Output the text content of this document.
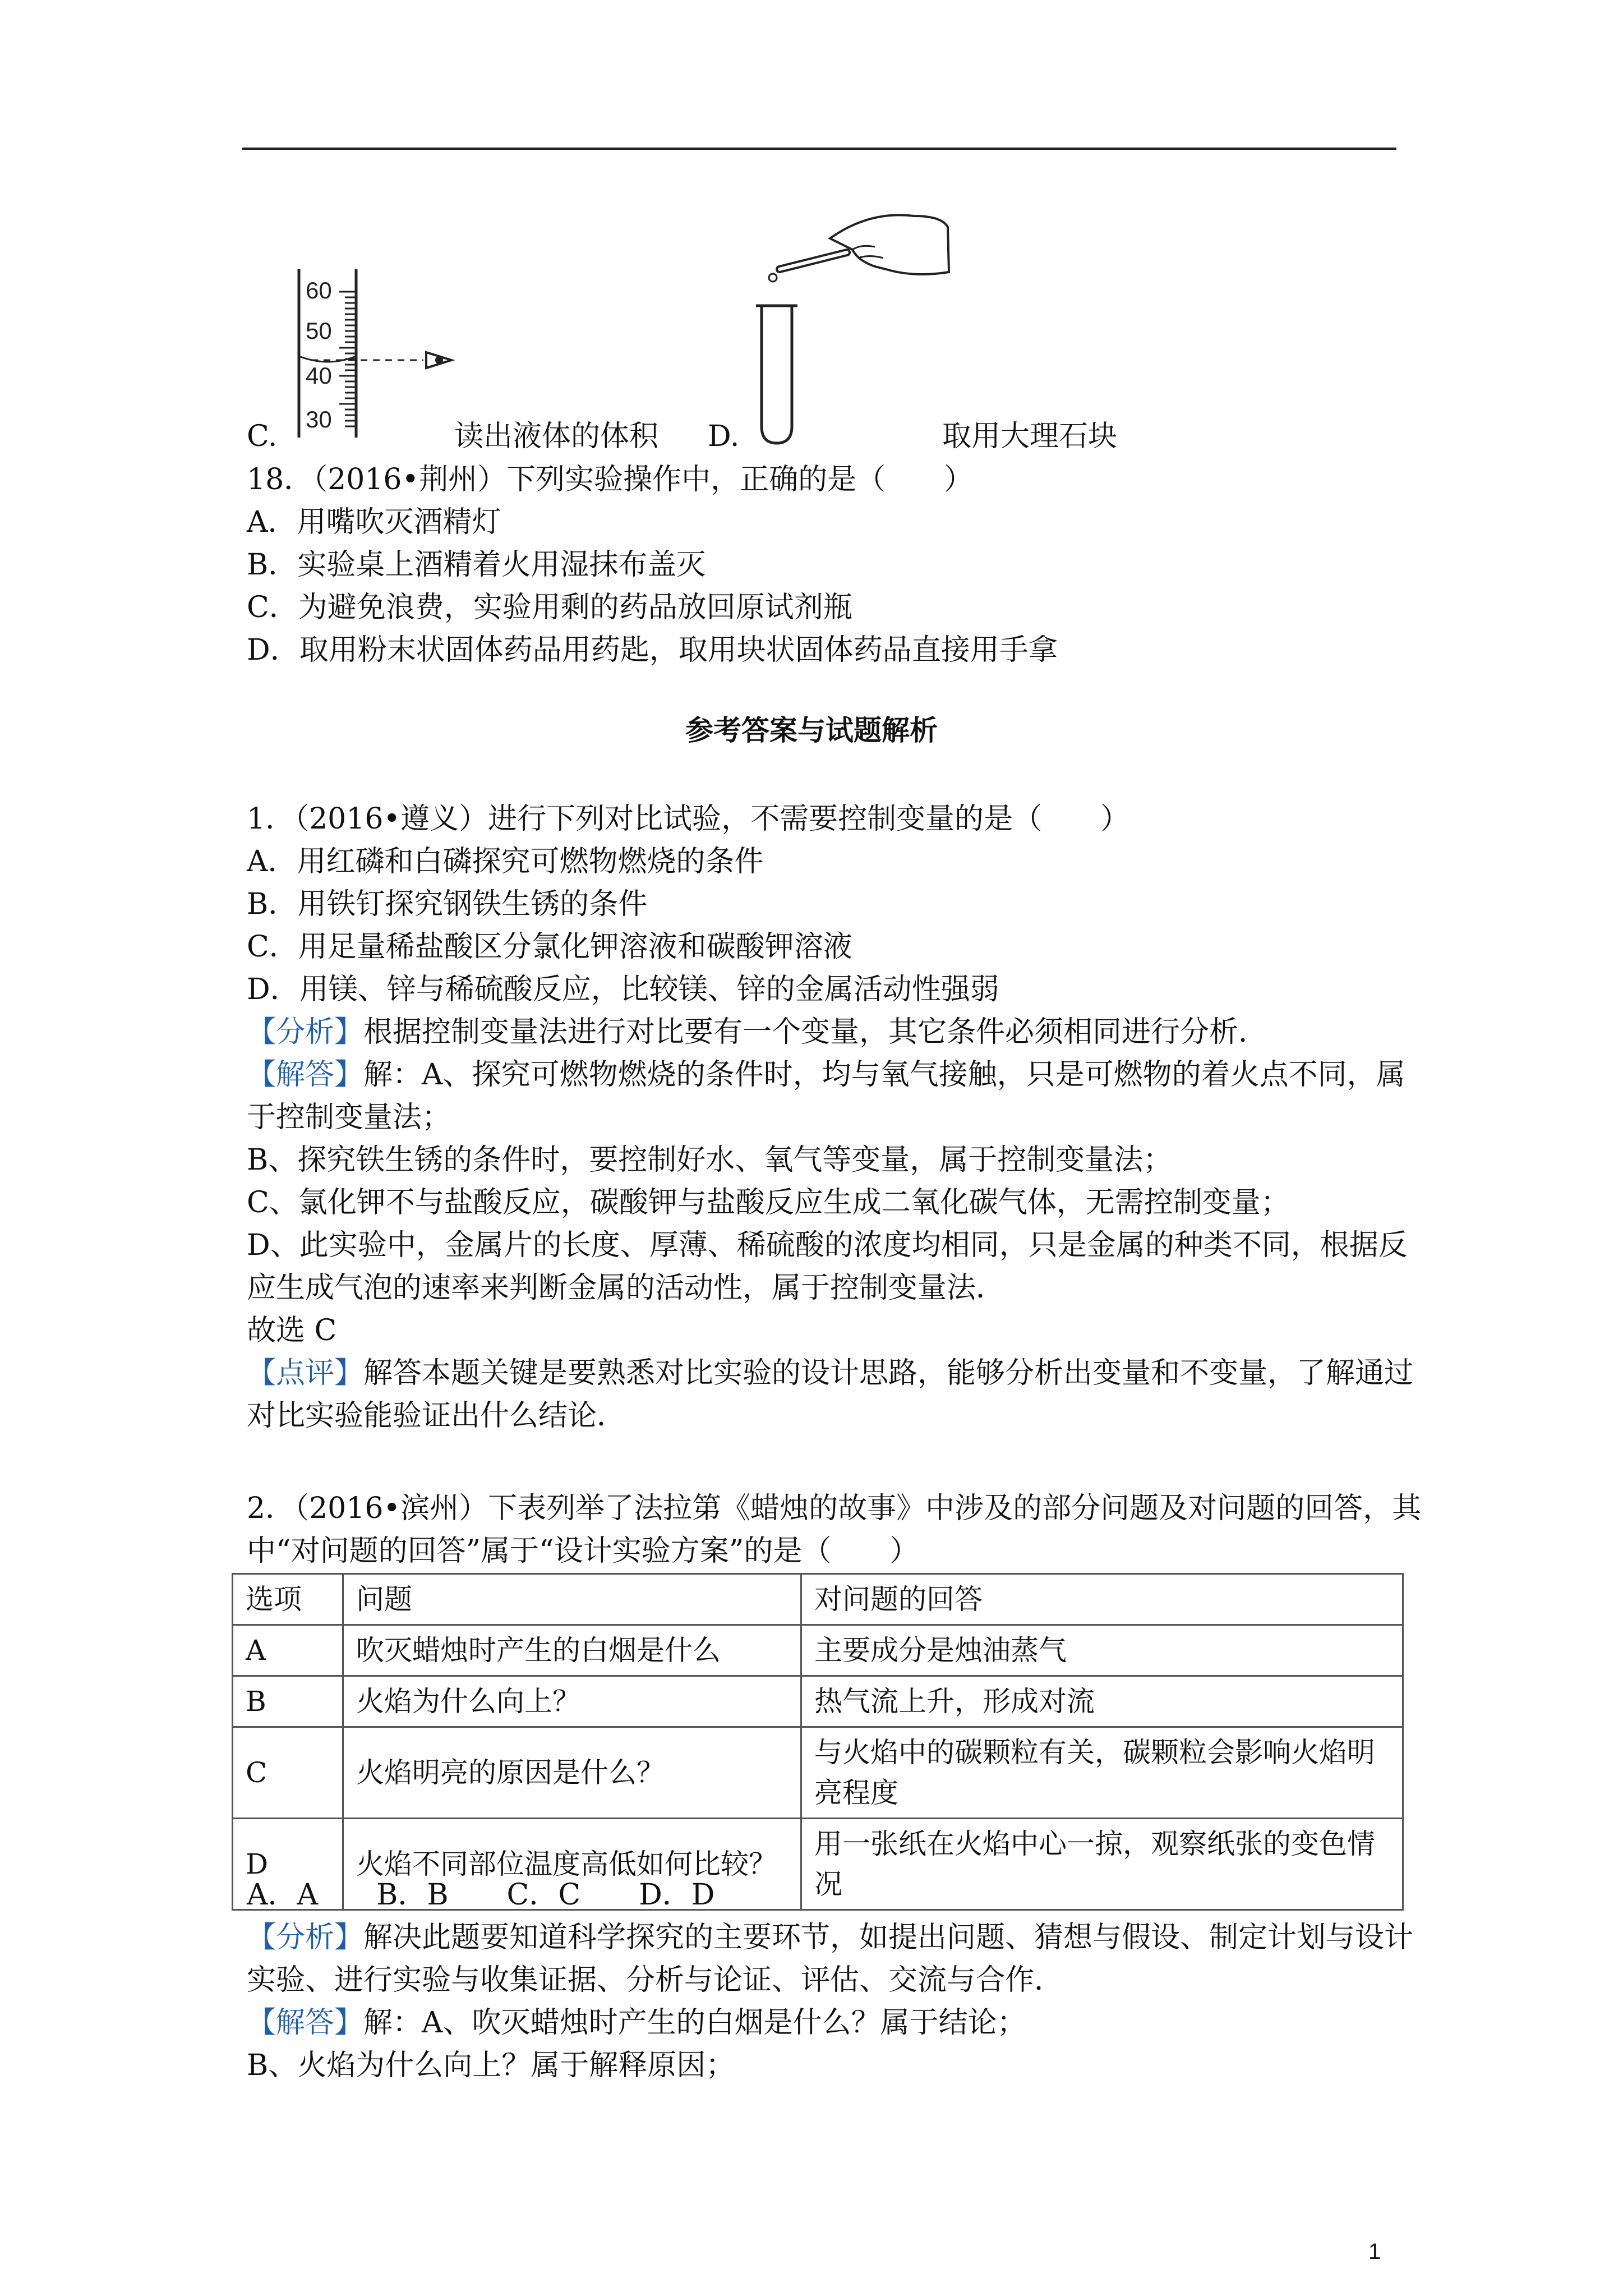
60
50
40
30
C.	读出液体的体积 D.	取用大理石块
18．（2016•荆州）下列实验操作中，正确的是（　　）
A．用嘴吹灭酒精灯
B．实验桌上酒精着火用湿抹布盖灭
C．为避免浪费，实验用剩的药品放回原试剂瓶
D．取用粉末状固体药品用药匙，取用块状固体药品直接用手拿
参考答案与试题解析
1．（2016•遵义）进行下列对比试验，不需要控制变量的是（　　）
A．用红磷和白磷探究可燃物燃烧的条件
B．用铁钉探究钢铁生锈的条件
C．用足量稀盐酸区分氯化钾溶液和碳酸钾溶液
D．用镁、锌与稀硫酸反应，比较镁、锌的金属活动性强弱
【分析】根据控制变量法进行对比要有一个变量，其它条件必须相同进行分析．
【解答】解：A、探究可燃物燃烧的条件时，均与氧气接触，只是可燃物的着火点不同，属
于控制变量法；
B、探究铁生锈的条件时，要控制好水、氧气等变量，属于控制变量法；
C、氯化钾不与盐酸反应，碳酸钾与盐酸反应生成二氧化碳气体，无需控制变量；
D、此实验中，金属片的长度、厚薄、稀硫酸的浓度均相同，只是金属的种类不同，根据反
应生成气泡的速率来判断金属的活动性，属于控制变量法．
故选 C
【点评】解答本题关键是要熟悉对比实验的设计思路，能够分析出变量和不变量，了解通过
对比实验能验证出什么结论．
2．（2016•滨州）下表列举了法拉第《蜡烛的故事》中涉及的部分问题及对问题的回答，其
中“对问题的回答”属于“设计实验方案”的是（　　）
选项	问题	对问题的回答
A	吹灭蜡烛时产生的白烟是什么	主要成分是烛油蒸气
B	火焰为什么向上？	热气流上升，形成对流
C	火焰明亮的原因是什么？	与火焰中的碳颗粒有关，碳颗粒会影响火焰明亮程度
D	火焰不同部位温度高低如何比较？	用一张纸在火焰中心一掠，观察纸张的变色情况
A．A　　B．B　　C．C　　D．D
【分析】解决此题要知道科学探究的主要环节，如提出问题、猜想与假设、制定计划与设计
实验、进行实验与收集证据、分析与论证、评估、交流与合作．
【解答】解：A、吹灭蜡烛时产生的白烟是什么？属于结论；
B、火焰为什么向上？属于解释原因；
1
